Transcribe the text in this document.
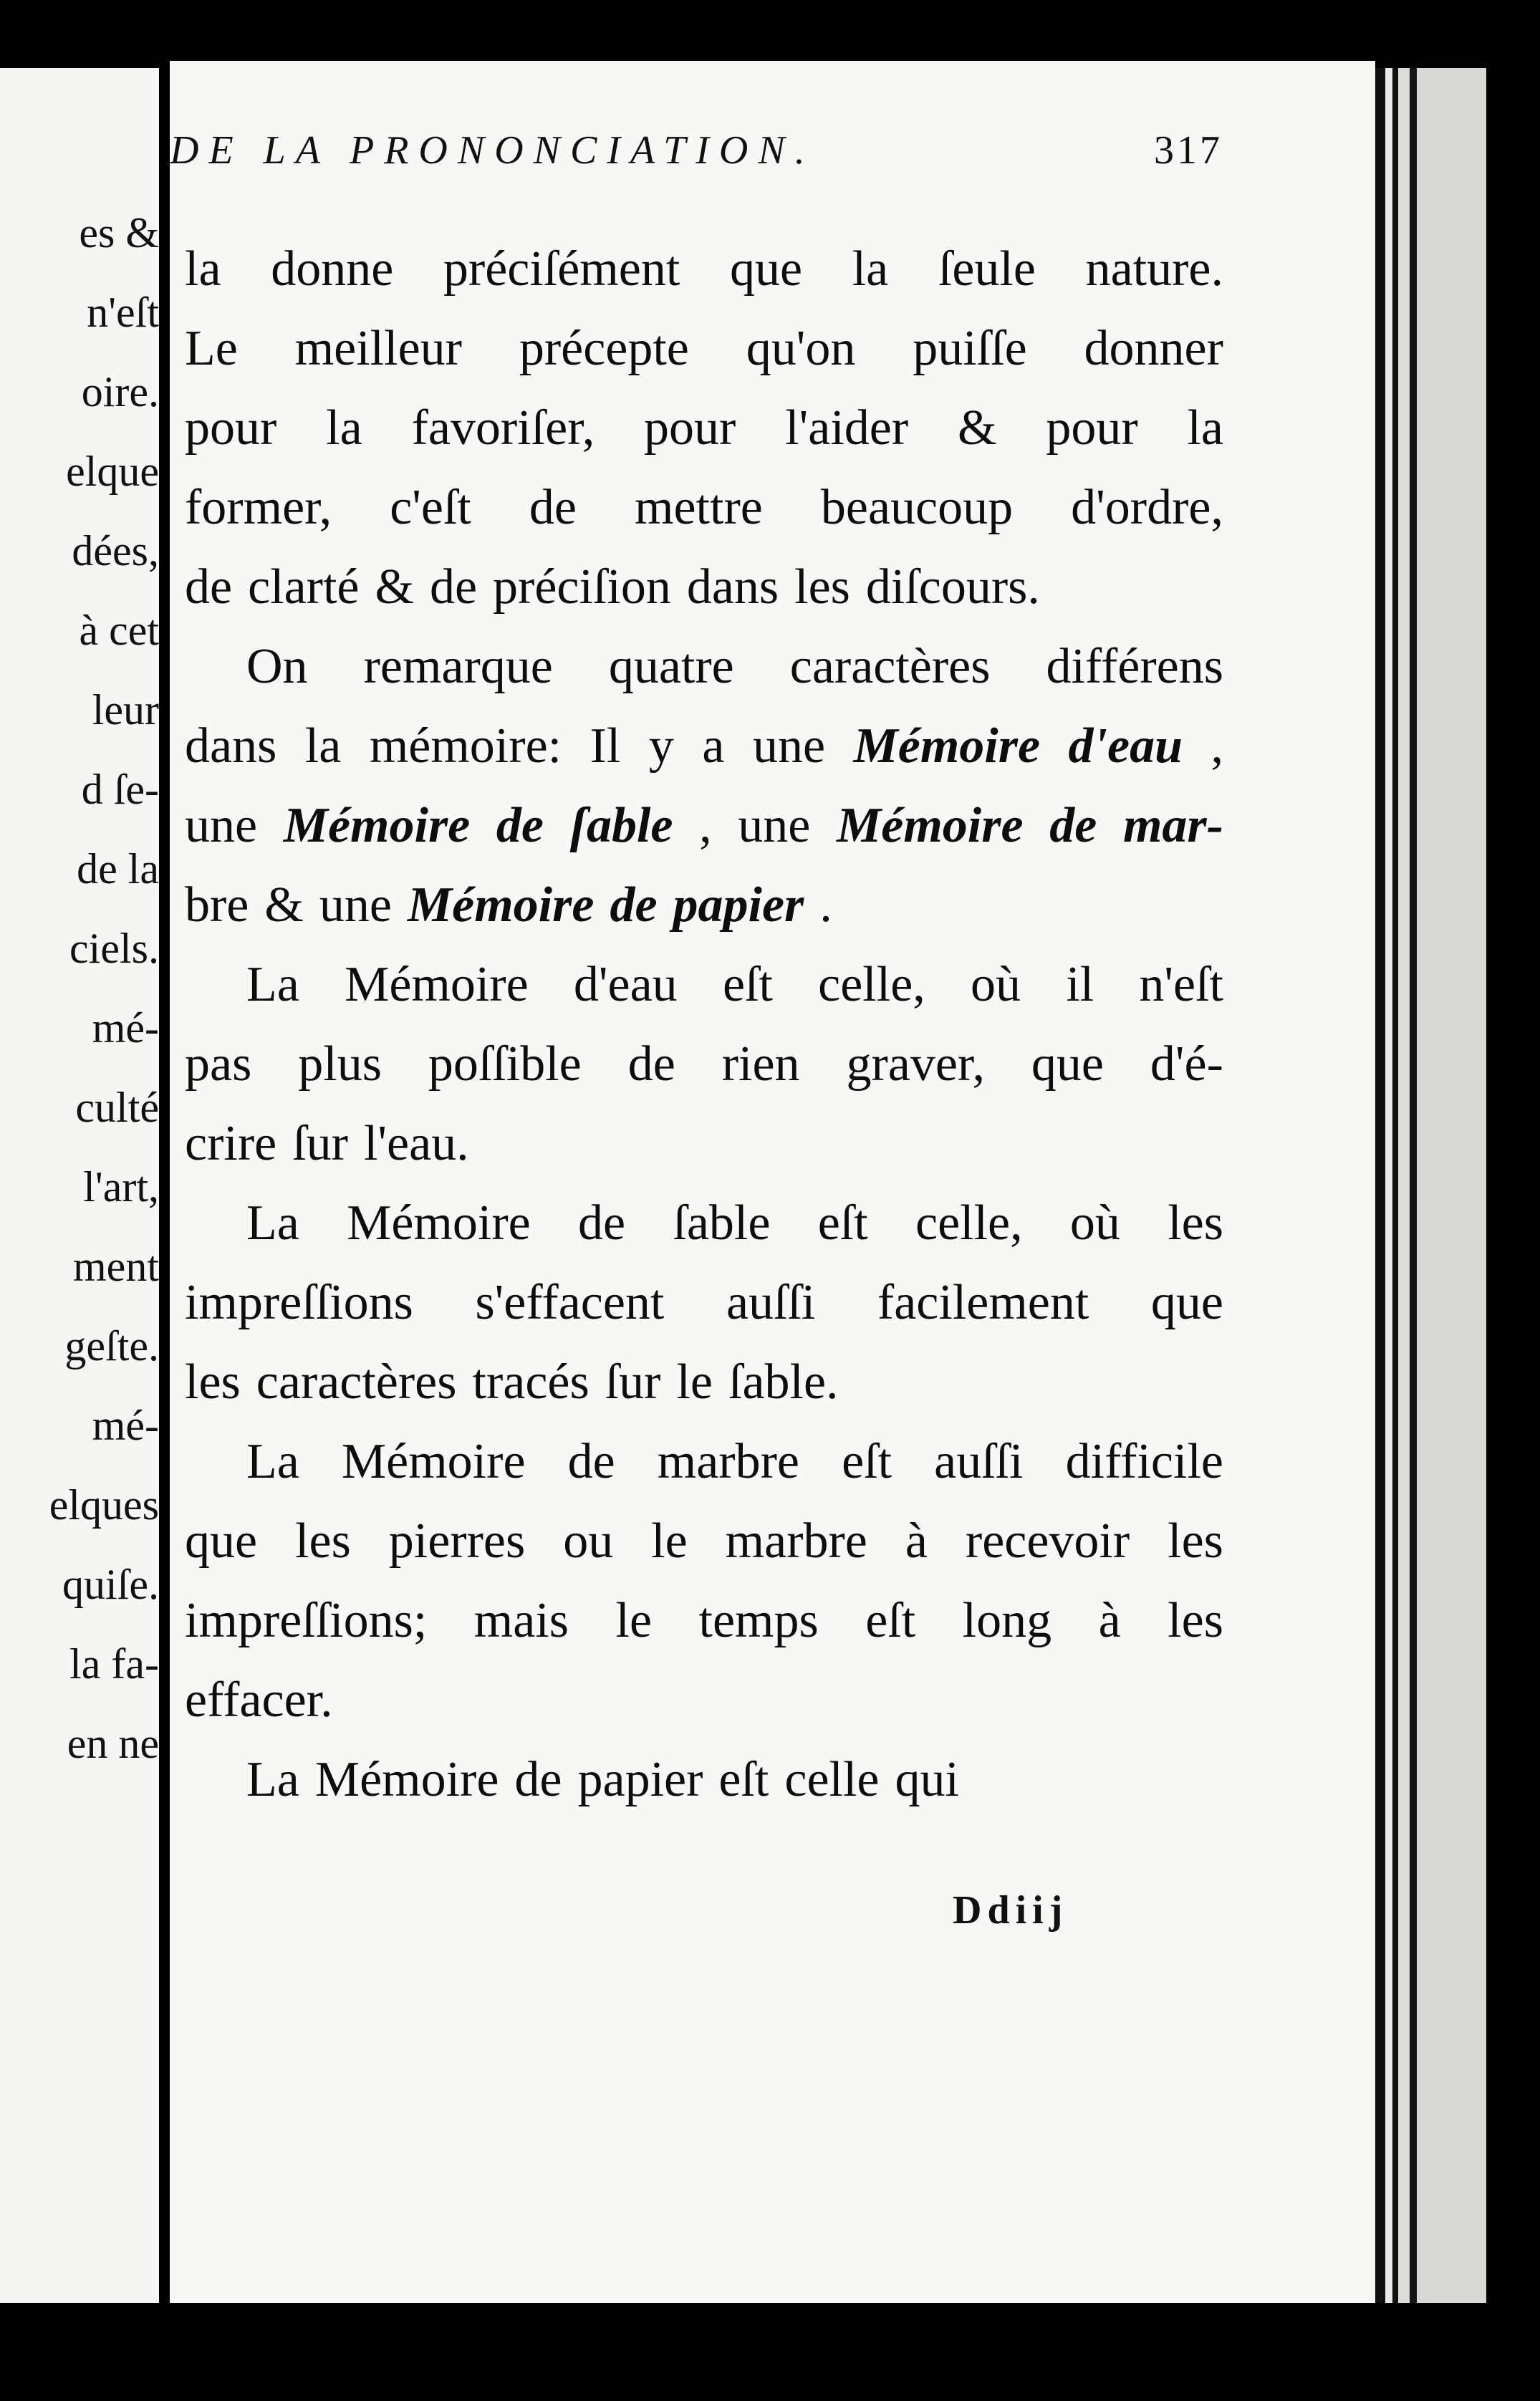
es &
n'eſt
oire.
elque
dées,
à cet
leur
d ſe-
de la
ciels.
mé-
culté
l'art,
ment
geſte.
mé-
elques
quiſe.
la fa-
en ne
DE LA PRONONCIATION.	317
la donne préciſément que la ſeule nature.
Le meilleur précepte qu'on puiſſe donner
pour la favoriſer, pour l'aider & pour la
former, c'eſt de mettre beaucoup d'ordre,
de clarté & de préciſion dans les diſcours.
On remarque quatre caractères différens
dans la mémoire: Il y a une Mémoire d'eau ,
une Mémoire de ſable , une Mémoire de mar-
bre & une Mémoire de papier .
La Mémoire d'eau eſt celle, où il n'eſt
pas plus poſſible de rien graver, que d'é-
crire ſur l'eau.
La Mémoire de ſable eſt celle, où les
impreſſions s'effacent auſſi facilement que
les caractères tracés ſur le ſable.
La Mémoire de marbre eſt auſſi difficile
que les pierres ou le marbre à recevoir les
impreſſions; mais le temps eſt long à les
effacer.
La Mémoire de papier eſt celle qui
Ddiij
